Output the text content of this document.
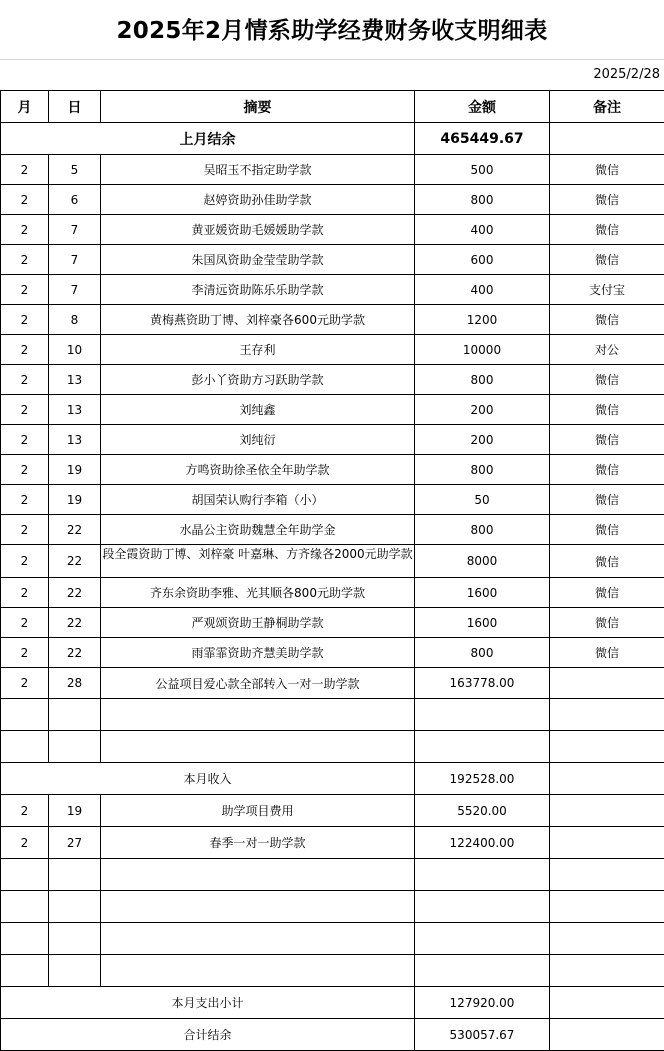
2025年2月情系助学经费财务收支明细表
2025/2/28
月	日	摘要	金额	备注
上月结余			465449.67	
2	5	吴昭玉不指定助学款	500	微信
2	6	赵婷资助孙佳助学款	800	微信
2	7	黄亚媛资助毛媛媛助学款	400	微信
2	7	朱国凤资助金莹莹助学款	600	微信
2	7	李清远资助陈乐乐助学款	400	支付宝
2	8	黄梅燕资助丁博、刘梓豪各600元助学款	1200	微信
2	10	王存利	10000	对公
2	13	彭小丫资助方习跃助学款	800	微信
2	13	刘纯鑫	200	微信
2	13	刘纯衍	200	微信
2	19	方鸣资助徐圣依全年助学款	800	微信
2	19	胡国荣认购行李箱（小）	50	微信
2	22	水晶公主资助魏慧全年助学金	800	微信
2	22	段全霞资助丁博、刘梓豪 叶嘉琳、方齐缘各2000元助学款	8000	微信
2	22	齐东余资助李雅、光其顺各800元助学款	1600	微信
2	22	严观颂资助王静桐助学款	1600	微信
2	22	雨霏霏资助齐慧美助学款	800	微信
2	28	公益项目爱心款全部转入一对一助学款	163778.00	

本月收入			192528.00	
2	19	助学项目费用	5520.00	
2	27	春季一对一助学款	122400.00	

本月支出小计			127920.00	
合计结余			530057.67	
